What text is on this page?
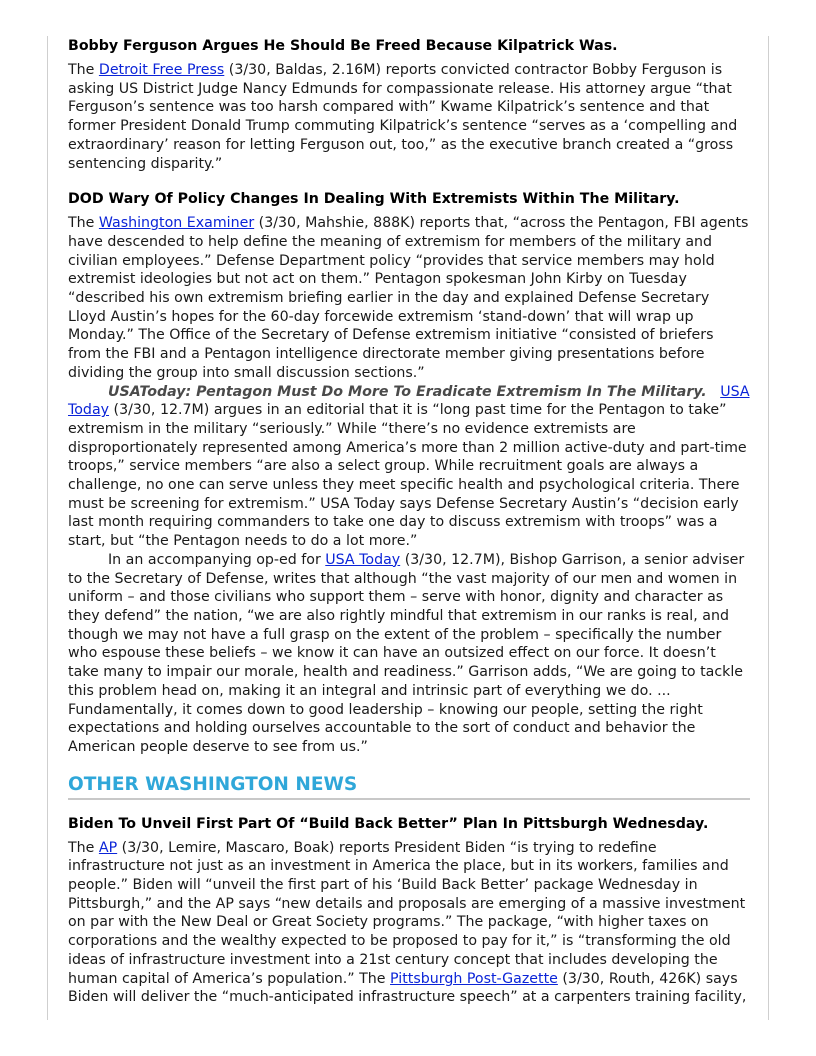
Bobby Ferguson Argues He Should Be Freed Because Kilpatrick Was.

The Detroit Free Press (3/30, Baldas, 2.16M) reports convicted contractor Bobby Ferguson is asking US District Judge Nancy Edmunds for compassionate release. His attorney argue “that Ferguson’s sentence was too harsh compared with” Kwame Kilpatrick’s sentence and that former President Donald Trump commuting Kilpatrick’s sentence “serves as a ‘compelling and extraordinary’ reason for letting Ferguson out, too,” as the executive branch created a “gross sentencing disparity.”

DOD Wary Of Policy Changes In Dealing With Extremists Within The Military.

The Washington Examiner (3/30, Mahshie, 888K) reports that, “across the Pentagon, FBI agents have descended to help define the meaning of extremism for members of the military and civilian employees.” Defense Department policy “provides that service members may hold extremist ideologies but not act on them.” Pentagon spokesman John Kirby on Tuesday “described his own extremism briefing earlier in the day and explained Defense Secretary Lloyd Austin’s hopes for the 60-day forcewide extremism ‘stand-down’ that will wrap up Monday.” The Office of the Secretary of Defense extremism initiative “consisted of briefers from the FBI and a Pentagon intelligence directorate member giving presentations before dividing the group into small discussion sections.”

USAToday: Pentagon Must Do More To Eradicate Extremism In The Military. USA Today (3/30, 12.7M) argues in an editorial that it is “long past time for the Pentagon to take” extremism in the military “seriously.” While “there’s no evidence extremists are disproportionately represented among America’s more than 2 million active-duty and part-time troops,” service members “are also a select group. While recruitment goals are always a challenge, no one can serve unless they meet specific health and psychological criteria. There must be screening for extremism.” USA Today says Defense Secretary Austin’s “decision early last month requiring commanders to take one day to discuss extremism with troops” was a start, but “the Pentagon needs to do a lot more.”

In an accompanying op-ed for USA Today (3/30, 12.7M), Bishop Garrison, a senior adviser to the Secretary of Defense, writes that although “the vast majority of our men and women in uniform – and those civilians who support them – serve with honor, dignity and character as they defend” the nation, “we are also rightly mindful that extremism in our ranks is real, and though we may not have a full grasp on the extent of the problem – specifically the number who espouse these beliefs – we know it can have an outsized effect on our force. It doesn’t take many to impair our morale, health and readiness.” Garrison adds, “We are going to tackle this problem head on, making it an integral and intrinsic part of everything we do. ... Fundamentally, it comes down to good leadership – knowing our people, setting the right expectations and holding ourselves accountable to the sort of conduct and behavior the American people deserve to see from us.”

OTHER WASHINGTON NEWS
Biden To Unveil First Part Of “Build Back Better” Plan In Pittsburgh Wednesday.

The AP (3/30, Lemire, Mascaro, Boak) reports President Biden “is trying to redefine infrastructure not just as an investment in America the place, but in its workers, families and people.” Biden will “unveil the first part of his ‘Build Back Better’ package Wednesday in Pittsburgh,” and the AP says “new details and proposals are emerging of a massive investment on par with the New Deal or Great Society programs.” The package, “with higher taxes on corporations and the wealthy expected to be proposed to pay for it,” is “transforming the old ideas of infrastructure investment into a 21st century concept that includes developing the human capital of America’s population.” The Pittsburgh Post-Gazette (3/30, Routh, 426K) says Biden will deliver the “much-anticipated infrastructure speech” at a carpenters training facility,
